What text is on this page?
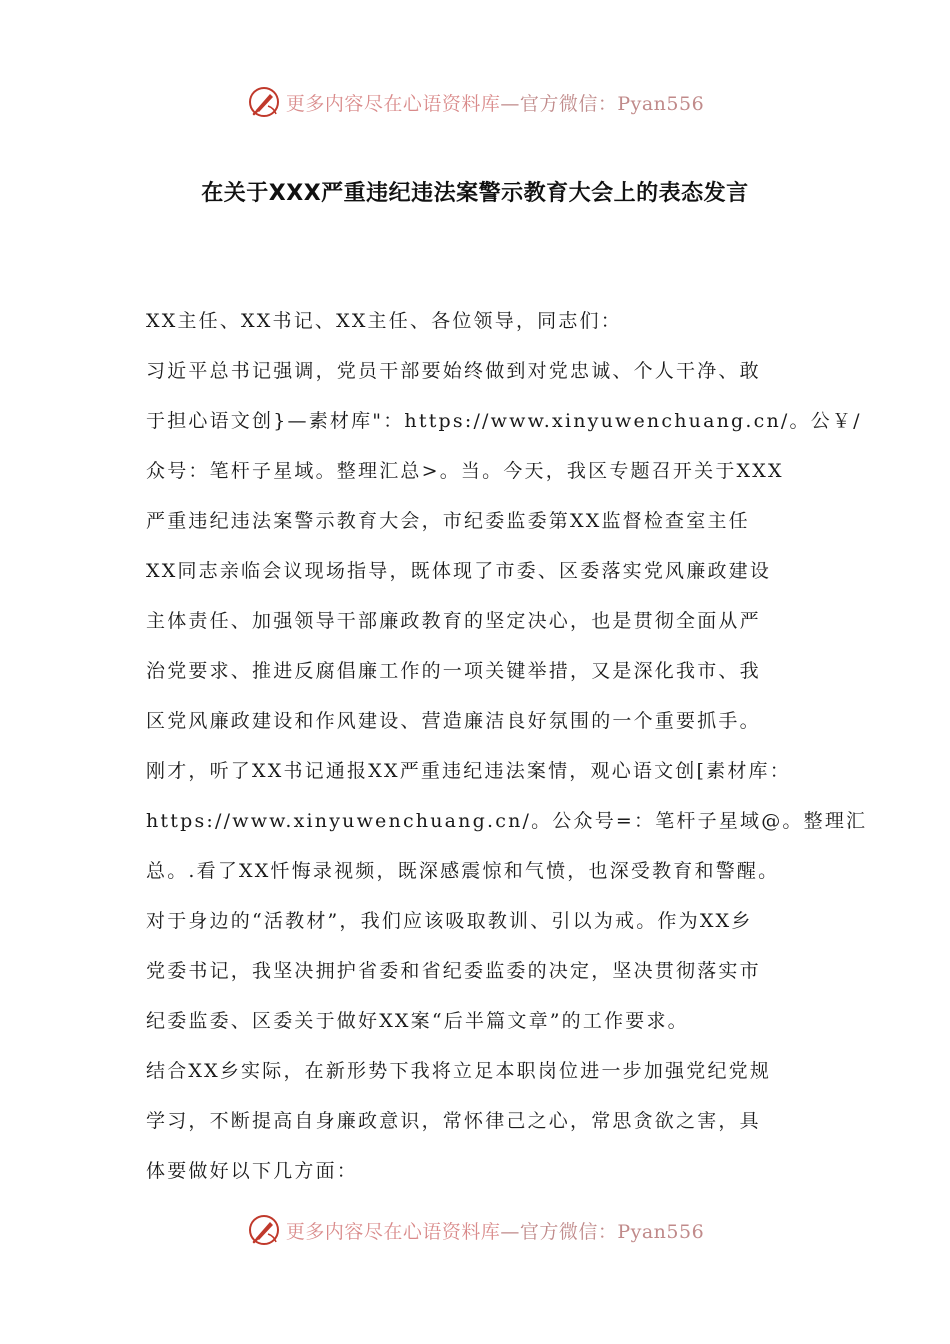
更多内容尽在心语资料库—官方微信：Pyan556
在关于XXX严重违纪违法案警示教育大会上的表态发言
XX主任、XX书记、XX主任、各位领导，同志们：
习近平总书记强调，党员干部要始终做到对党忠诚、个人干净、敢
于担心语文创}—素材库"：https://www.xinyuwenchuang.cn/。公￥/
众号：笔杆子星域。整理汇总>。当。今天，我区专题召开关于XXX
严重违纪违法案警示教育大会，市纪委监委第XX监督检查室主任
XX同志亲临会议现场指导，既体现了市委、区委落实党风廉政建设
主体责任、加强领导干部廉政教育的坚定决心，也是贯彻全面从严
治党要求、推进反腐倡廉工作的一项关键举措，又是深化我市、我
区党风廉政建设和作风建设、营造廉洁良好氛围的一个重要抓手。
刚才，听了XX书记通报XX严重违纪违法案情，观心语文创[素材库：
https://www.xinyuwenchuang.cn/。公众号=：笔杆子星域@。整理汇
总。.看了XX忏悔录视频，既深感震惊和气愤，也深受教育和警醒。
对于身边的“活教材”，我们应该吸取教训、引以为戒。作为XX乡
党委书记，我坚决拥护省委和省纪委监委的决定，坚决贯彻落实市
纪委监委、区委关于做好XX案“后半篇文章”的工作要求。
结合XX乡实际，在新形势下我将立足本职岗位进一步加强党纪党规
学习，不断提高自身廉政意识，常怀律己之心，常思贪欲之害，具
体要做好以下几方面：
更多内容尽在心语资料库—官方微信：Pyan556
